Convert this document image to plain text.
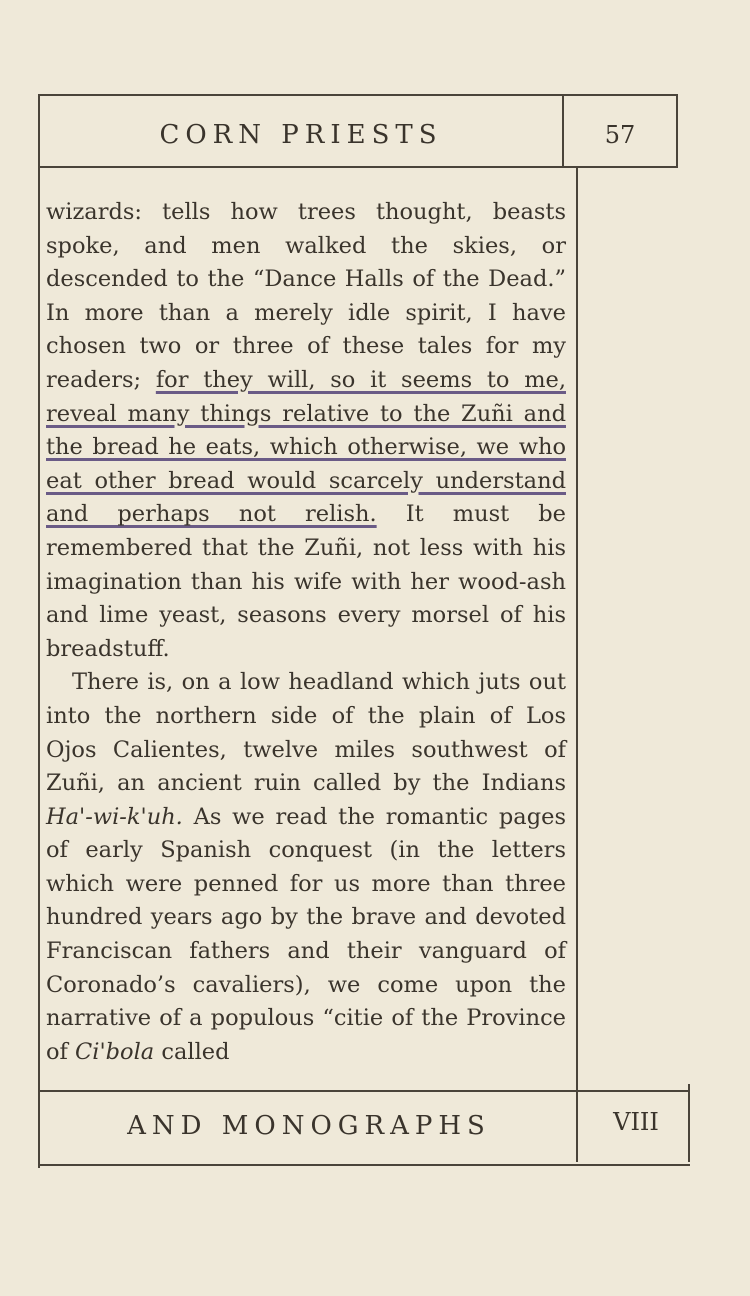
CORN PRIESTS	57

wizards: tells how trees thought, beasts spoke, and men walked the skies, or descended to the “Dance Halls of the Dead.” In more than a merely idle spirit, I have chosen two or three of these tales for my readers; for they will, so it seems to me, reveal many things relative to the Zuñi and the bread he eats, which otherwise, we who eat other bread would scarcely understand and perhaps not relish. It must be remembered that the Zuñi, not less with his imagination than his wife with her wood-ash and lime yeast, seasons every morsel of his breadstuff.

There is, on a low headland which juts out into the northern side of the plain of Los Ojos Calientes, twelve miles southwest of Zuñi, an ancient ruin called by the Indians Ha'-wi-k'uh. As we read the romantic pages of early Spanish conquest (in the letters which were penned for us more than three hundred years ago by the brave and devoted Franciscan fathers and their vanguard of Coronado’s cavaliers), we come upon the narrative of a populous “citie of the Province of Ci'bola called

AND MONOGRAPHS	VIII
